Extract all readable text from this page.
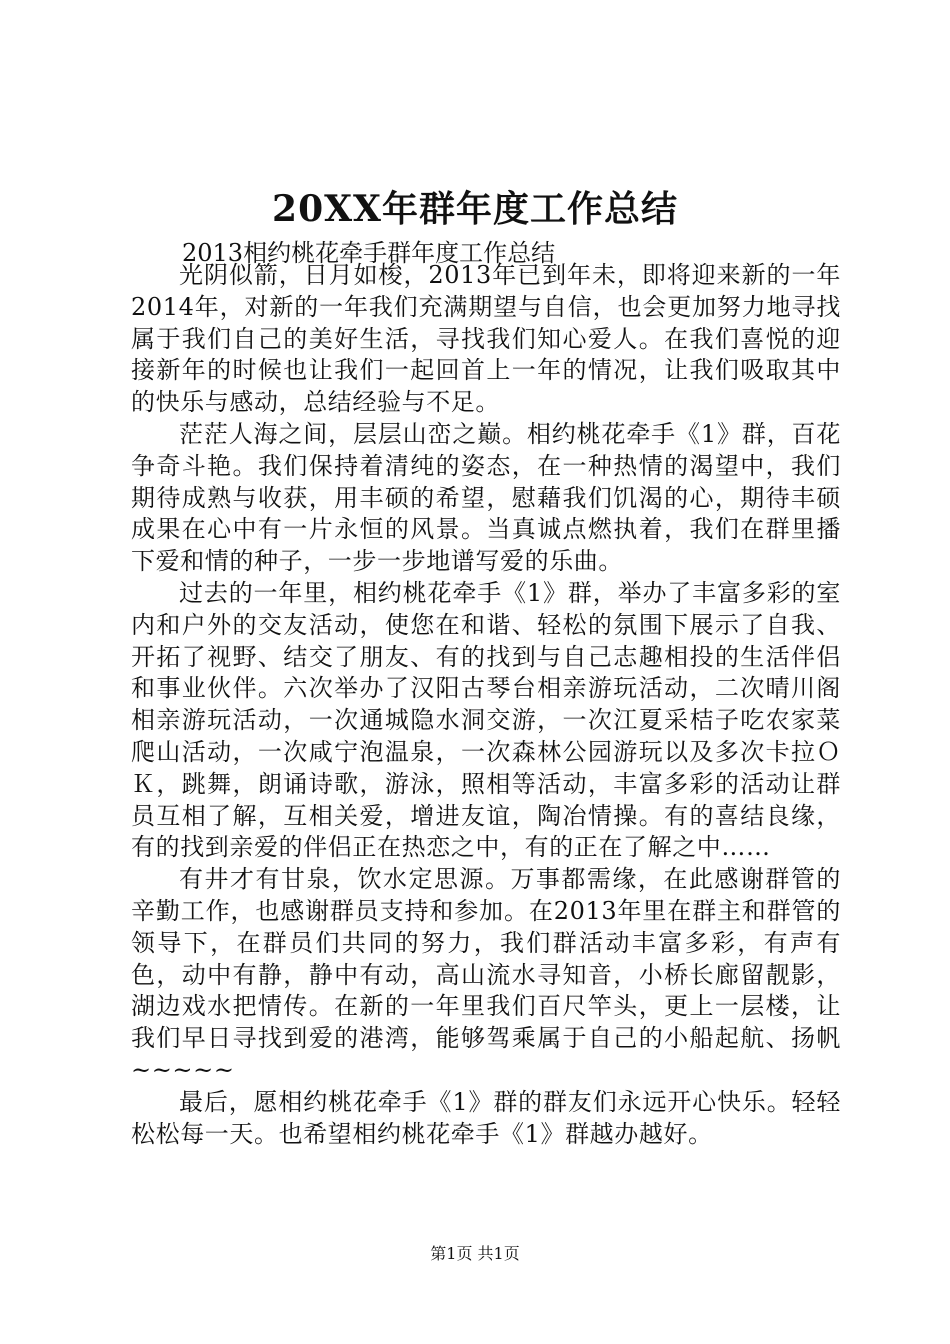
20XX年群年度工作总结
2013相约桃花牵手群年度工作总结

光阴似箭，日月如梭，2013年已到年未，即将迎来新的一年2014年，对新的一年我们充满期望与自信，也会更加努力地寻找属于我们自己的美好生活，寻找我们知心爱人。在我们喜悦的迎接新年的时候也让我们一起回首上一年的情况，让我们吸取其中的快乐与感动，总结经验与不足。

茫茫人海之间，层层山峦之巅。相约桃花牵手《1》群，百花争奇斗艳。我们保持着清纯的姿态，在一种热情的渴望中，我们期待成熟与收获，用丰硕的希望，慰藉我们饥渴的心，期待丰硕成果在心中有一片永恒的风景。当真诚点燃执着，我们在群里播下爱和情的种子，一步一步地谱写爱的乐曲。

过去的一年里，相约桃花牵手《1》群，举办了丰富多彩的室内和户外的交友活动，使您在和谐、轻松的氛围下展示了自我、开拓了视野、结交了朋友、有的找到与自己志趣相投的生活伴侣和事业伙伴。六次举办了汉阳古琴台相亲游玩活动，二次晴川阁相亲游玩活动，一次通城隐水洞交游，一次江夏采桔子吃农家菜爬山活动，一次咸宁泡温泉，一次森林公园游玩以及多次卡拉ＯＫ，跳舞，朗诵诗歌，游泳，照相等活动，丰富多彩的活动让群员互相了解，互相关爱，增进友谊，陶冶情操。有的喜结良缘，有的找到亲爱的伴侣正在热恋之中，有的正在了解之中……

有井才有甘泉，饮水定思源。万事都需缘，在此感谢群管的辛勤工作，也感谢群员支持和参加。在2013年里在群主和群管的领导下，在群员们共同的努力，我们群活动丰富多彩，有声有色，动中有静，静中有动，高山流水寻知音，小桥长廊留靓影，湖边戏水把情传。在新的一年里我们百尺竿头，更上一层楼，让我们早日寻找到爱的港湾，能够驾乘属于自己的小船起航、扬帆~~~~~

最后，愿相约桃花牵手《1》群的群友们永远开心快乐。轻轻松松每一天。也希望相约桃花牵手《1》群越办越好。

第1页 共1页
